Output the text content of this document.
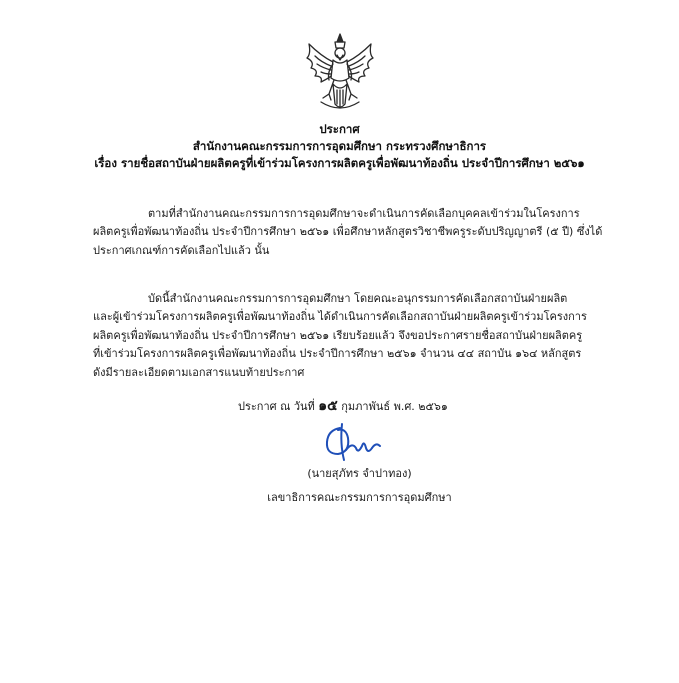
ประกาศ
สำนักงานคณะกรรมการการอุดมศึกษา กระทรวงศึกษาธิการ
เรื่อง รายชื่อสถาบันฝ่ายผลิตครูที่เข้าร่วมโครงการผลิตครูเพื่อพัฒนาท้องถิ่น ประจำปีการศึกษา ๒๕๖๑
ตามที่สำนักงานคณะกรรมการการอุดมศึกษาจะดำเนินการคัดเลือกบุคคลเข้าร่วมในโครงการ
ผลิตครูเพื่อพัฒนาท้องถิ่น ประจำปีการศึกษา ๒๕๖๑ เพื่อศึกษาหลักสูตรวิชาชีพครูระดับปริญญาตรี (๕ ปี) ซึ่งได้
ประกาศเกณฑ์การคัดเลือกไปแล้ว นั้น
บัดนี้สำนักงานคณะกรรมการการอุดมศึกษา โดยคณะอนุกรรมการคัดเลือกสถาบันฝ่ายผลิต
และผู้เข้าร่วมโครงการผลิตครูเพื่อพัฒนาท้องถิ่น ได้ดำเนินการคัดเลือกสถาบันฝ่ายผลิตครูเข้าร่วมโครงการ
ผลิตครูเพื่อพัฒนาท้องถิ่น ประจำปีการศึกษา ๒๕๖๑ เรียบร้อยแล้ว จึงขอประกาศรายชื่อสถาบันฝ่ายผลิตครู
ที่เข้าร่วมโครงการผลิตครูเพื่อพัฒนาท้องถิ่น ประจำปีการศึกษา ๒๕๖๑ จำนวน ๔๔ สถาบัน ๑๖๔ หลักสูตร
ดังมีรายละเอียดตามเอกสารแนบท้ายประกาศ
ประกาศ ณ วันที่ ๑๕ กุมภาพันธ์ พ.ศ. ๒๕๖๑
(นายสุภัทร จำปาทอง)
เลขาธิการคณะกรรมการการอุดมศึกษา
